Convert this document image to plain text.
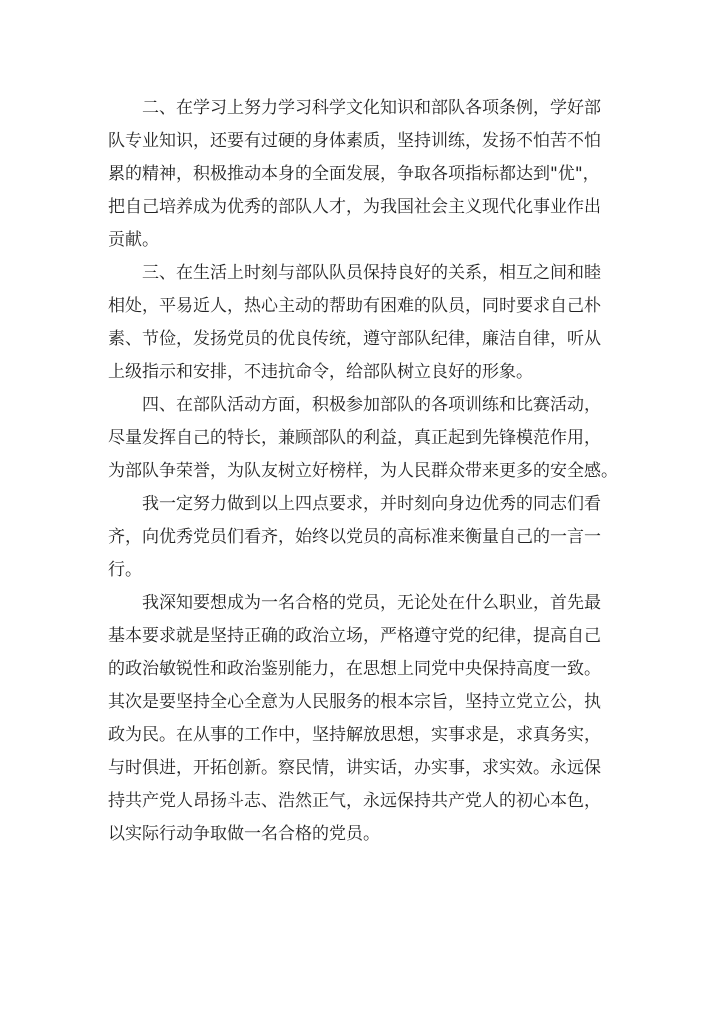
二、在学习上努力学习科学文化知识和部队各项条例，学好部
队专业知识，还要有过硬的身体素质，坚持训练，发扬不怕苦不怕
累的精神，积极推动本身的全面发展，争取各项指标都达到"优"，
把自己培养成为优秀的部队人才，为我国社会主义现代化事业作出
贡献。
三、在生活上时刻与部队队员保持良好的关系，相互之间和睦
相处，平易近人，热心主动的帮助有困难的队员，同时要求自己朴
素、节俭，发扬党员的优良传统，遵守部队纪律，廉洁自律，听从
上级指示和安排，不违抗命令，给部队树立良好的形象。
四、在部队活动方面，积极参加部队的各项训练和比赛活动，
尽量发挥自己的特长，兼顾部队的利益，真正起到先锋模范作用，
为部队争荣誉，为队友树立好榜样，为人民群众带来更多的安全感。
我一定努力做到以上四点要求，并时刻向身边优秀的同志们看
齐，向优秀党员们看齐，始终以党员的高标准来衡量自己的一言一
行。
我深知要想成为一名合格的党员，无论处在什么职业，首先最
基本要求就是坚持正确的政治立场，严格遵守党的纪律，提高自己
的政治敏锐性和政治鉴别能力，在思想上同党中央保持高度一致。
其次是要坚持全心全意为人民服务的根本宗旨，坚持立党立公，执
政为民。在从事的工作中，坚持解放思想，实事求是，求真务实，
与时俱进，开拓创新。察民情，讲实话，办实事，求实效。永远保
持共产党人昂扬斗志、浩然正气，永远保持共产党人的初心本色，
以实际行动争取做一名合格的党员。
